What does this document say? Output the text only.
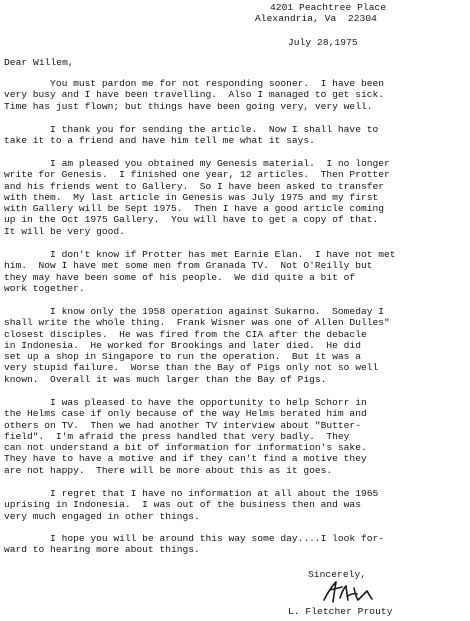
4201 Peachtree Place
Alexandria, Va  22304
July 28,1975
Dear Willem,
You must pardon me for not responding sooner.  I have been
very busy and I have been travelling.  Also I managed to get sick.
Time has just flown; but things have been going very, very well.
I thank you for sending the article.  Now I shall have to
take it to a friend and have him tell me what it says.
I am pleased you obtained my Genesis material.  I no longer
write for Genesis.  I finished one year, 12 articles.  Then Protter
and his friends went to Gallery.  So I have been asked to transfer
with them.  My last article in Genesis was July 1975 and my first
with Gallery will be Sept 1975.  Then I have a good article coming
up in the Oct 1975 Gallery.  You will have to get a copy of that.
It will be very good.
I don't know if Protter has met Earnie Elan.  I have not met
him.  Now I have met some men from Granada TV.  Not O'Reilly but
they may have been some of his people.  We did quite a bit of
work together.
I know only the 1958 operation against Sukarno.  Someday I
shall write the whole thing.  Frank Wisner was one of Allen Dulles"
closest disciples.  He was fired from the CIA after the debacle
in Indonesia.  He worked for Brookings and later died.  He did
set up a shop in Singapore to run the operation.  But it was a
very stupid failure.  Worse than the Bay of Pigs only not so well
known.  Overall it was much larger than the Bay of Pigs.
I was pleased to have the opportunity to help Schorr in
the Helms case if only because of the way Helms berated him and
others on TV.  Then we had another TV interview about "Butter-
field".  I'm afraid the press handled that very badly.  They
can not understand a bit of information for information's sake.
They have to have a motive and if they can't find a motive they
are not happy.  There will be more about this as it goes.
I regret that I have no information at all about the 1965
uprising in Indonesia.  I was out of the business then and was
very much engaged in other things.
I hope you will be around this way some day....I look for-
ward to hearing more about things.
Sincerely,
L. Fletcher Prouty
